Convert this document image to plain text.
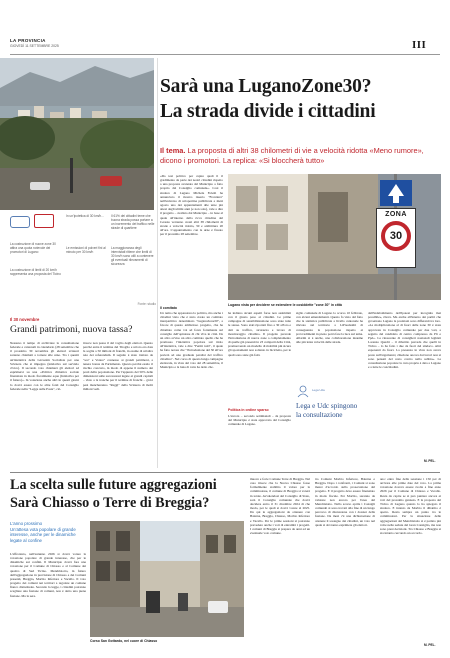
LA PROVINCIA
GIOVEDÌ 11 SETTEMBRE 2025	III
Sarà una LuganoZone30?
La strada divide i cittadini
Il tema. La proposta di altri 38 chilometri di vie a velocità ridotta «Meno rumore», dicono i promotori. La replica: «Si bloccherà tutto»
«Da tesi politico per capire quali il il gradimento da parte dei nostri cittadini rispetto a una proposta avanzata dal Municipio a fatto propria dal Consiglio comunale». Così il sindaco di Lugano Michele Foletti ha annunciato il mostro inserto "Frontiera" nell'universo di un'opertina pubblicata a metà agosto uno dei appuntamenti alle urne più attesi degli ultimi anni (e non solo), vale a dire il progetto – avallato dal Municipio – in base al quale all'interno della ricca cittadina del Ceresio verranno creati altri 38 chilometri di strade a velocità ridotta, 30 e addirittura 20 all'ora. L'appuntamento con le urne è fissato per il prossimo 28 settembre.
ZONA
30
Lugano vista per decidere se estendere le cosiddette "zone 30" in città
In un'ipotetica di 30 km/h...	Il 61% dei cittadini teme che buona strada possa portare a un incremento del traffico nelle strade di quartiere
La costruzione di nuove zone 30 attira una quota notevole dei promotori di Lugano
Le emissioni di polveri fini al minuto per 30 km/h
La maggioranza degli intervistati ritiene che limiti di 30 km/h sono utili a contenere gli eventuali rilevamenti di sicurezza
La costruzione di limiti di 20 km/h rappresenta una proposta del Ticino
Fonte: studio
Il comitato
Un tema che appassiona la politica, ma anche i cittadini visto che è stato creato un comitato interpartitico denominato "LuganoZone30", a favore di questo ambizioso progetto, che ha chiamato come voi ad forza fortemente sul consiglio dell'opinione di chi viva in città. Da un altro avviso un altro comitato quello che ha promosso l'iniziativa popolare sul titolo all'iniziativa, vale a dire "Fermi tutti", il quale ha fatto notare che "l'introduzione del 30 all'ora porterà ad una graduale paralisi del traffico cittadino". Nel corso di questa lunga campagna elettorale, in vista del voto del 28 settembre, il Municipio e la luna di rotta ha detto che.
ha indiano alcuni aspetti forse non assimilati con il giusto peso ai cittadini. Le prime campagne di sensibilizzazione sono state tutte le stesse. Sono stati riportati fino a 30 all'ora e dati su traffico, sicurezza e lavoro di monitoraggio cittadino. Il progetto prevede l'introduzione di nuove zone a completamento di quelle già presenti in 23 comparti della Città, promuovendo un modello di mobilità più sicura gli spostamenti non soltanto in bicicletta, per le quali sono state già fatti.
Politica in ordine sparso
L'ancora – secondo settimanali – da proposta del Municipio è stata approvata dal Consiglio comunale di Lugano.
siglio comunale di Lugano lo scorso 10 febbraio, con alcuni emendamenti. Questo fa visto dal fatto che la statistica pubblicata a livello cantonale ha rilevato sul territorio a LiPrealsaliti di conseguenza la popolazione rispetto ai provvedimenti in pieno potrà fare la luce sul tema. Allarmi si è anche, una collaborazione insieme alle più lente velocità delle strade.
Lega Ude
Lega e Udc spingono la consultazione
dall'indebolimento dell'ipotesi per incognita mai possibile», rileva. Ma anche all'interno dei partiti che governano Lugano le posizioni sono differenti tra loro. «La moltiplicazione al di fuori delle zone 30 è stata approvata in Consiglio comunale per due voti, a seguito del candidato di centro compresso da Plr e Ppd». La rinascente di consiglieri nazionali leghisti Lorenzo Quadri – il dibattito preveda che quelli in Ticino – lo ha fatto i due da fuori del sindaco. Altri esponenti da fuori. La presenza in vista non aveva posto sull'argomento; chiedono ancora dai lavori non si sono pensati del resto contro nella sabbia». La consultazione popolare la cura propria è data a Lugano e a tutte le concittadini.
M. PEL.
Il 30 novembre
Grandi patrimoni, nuova tassa?
Nessuno ti tempo di archiviare la consultazione federale e cantonali in calendario (28 settembre che il prossimo 30 novembre gli elettori svizzeri saranno chiamati a tornare alle urne. Tra i quesiti un'iniziativa della Gioventù Socialista per una Svizzera che si impegna (iniziativa sul servizio civico). Il secondo voto chiamerà gli elettori ad esprimersi su una «Politica climatica sociale finanziata in modo fiscalmente equa (Iniziativa per il futuro)». In votazione anche altri in questi giorni lo dovrà essere con le altre fonti del Consiglio federale nella "Legge sulle Poste", ciò.
invece non passa il dal voglio degli elettori. Questo perché entra il termine del Tiroglio e un'ora era data la soglia a 50 milioni di franchi, in esame di un'altra rete dei referendum. Il seguito è stato trattato da "sos" e Votare" connesso ai grandi patrimoni, a tenere bonus da Parlamento. Questo perché esatto il rischio concreto, in modo di appena il numero dei posti della popolazione. Per l'appunto del 50% delle dimensioni sulle successioni legate ai grandi capitali – visto a la tranche per il termine di franchi – gravi pesi mancheranno "Raggi" della Svizzera di molti milioni vedi.
La scelta sulle future aggregazioni
Sarà Chiasso o Terre di Breggia?
L'anno prossimo
Un'attesa vota popolare di grande interesse, anche per le dinamiche legate al confine
Corso San Gottardo, nel cuore di Chiasso
L'affrontato, nell'autunno 2026 si dovrà votare la votazione popolare di grande interesse, che per le dinamiche sui confini. Il Municipio dovrà fare una votazione per il Comune di Chiasso e al Comune dei quattro di Sud Ticino. Mendrisiotto, in futuro dell'aggregazione in previsione di Chiasso e dei Comuni presenti, Breggia, Morbio Inferiore e Vacallo. Il voto progetto dei comuni nei territori a regolare un comune fianco distrettuale. Secondo la legge, i cittadini potranno scegliere una fusione di comuni, non è detto una piena fusione. Ma la sera.
muove e forte Comune Terre di Breggia. Nel caso invece che la Nuova Chiasso fosse formalmente stabilita il valore per la commissione, il comune di Breggia si voterà in totale. Avvalendosi del Consiglio di Stato, sarà il Consiglio comunale che dovrà decidere entro il 31 dicembre 2024 di che modo, per le quali si dovrà votare al 2025. Da qui le aggregazioni da ottenere con Balerna, Breggia, Chiasso, Morbio Inferiore e Vacallo. Per le prime sessioni si potranno prevedere anche i voti di entrambi i progetti. I comuni di Breggia si prepara da anni ad un eventuale voto comune.
tra Comuni Morbio Inferiore, Balerna e Breggia. Dopo i confronti, i Comuni si sono messi d'accordo sulla prosecuzione del progetto. E il progetto deve essere finanziato in modo fiscale. Per Morbio, saranno da valutare non ancora per l'area del Mendrisiotto. Nello scorso aprile i Consigli comunali si sono trovati alla fine di un lungo percorso di discussione con i dossier della fusione. Da mesi c'è una dichiarazione di ottenere il sostegno dei cittadini, un voto nel quale si dovranno esprimere gli elettori.
ano: entro fine della sessione i 150 per di arrivare alle prime date del voto. La prima votazione doveva essere svolta a fine anno 2026 per il Comune di Chiasso e Vacallo. Resta da capire se si può puntare ancora ai voti del prossimo gennaio. E la proposta del Ticino di Lugano quanto lo ha spiegato il sindaco. E intanto da Morbio il dibattito è aperto. Resta sempre un punto tra le commissioni. Per la situazione delle aggregazioni del Mendrisiotto si è parlato più volte nelle sedute del Gran Consiglio, ma non sono presi decisioni. Tra Chiasso e Breggia si sta intanto cercando un accordo.
M. PEL.
